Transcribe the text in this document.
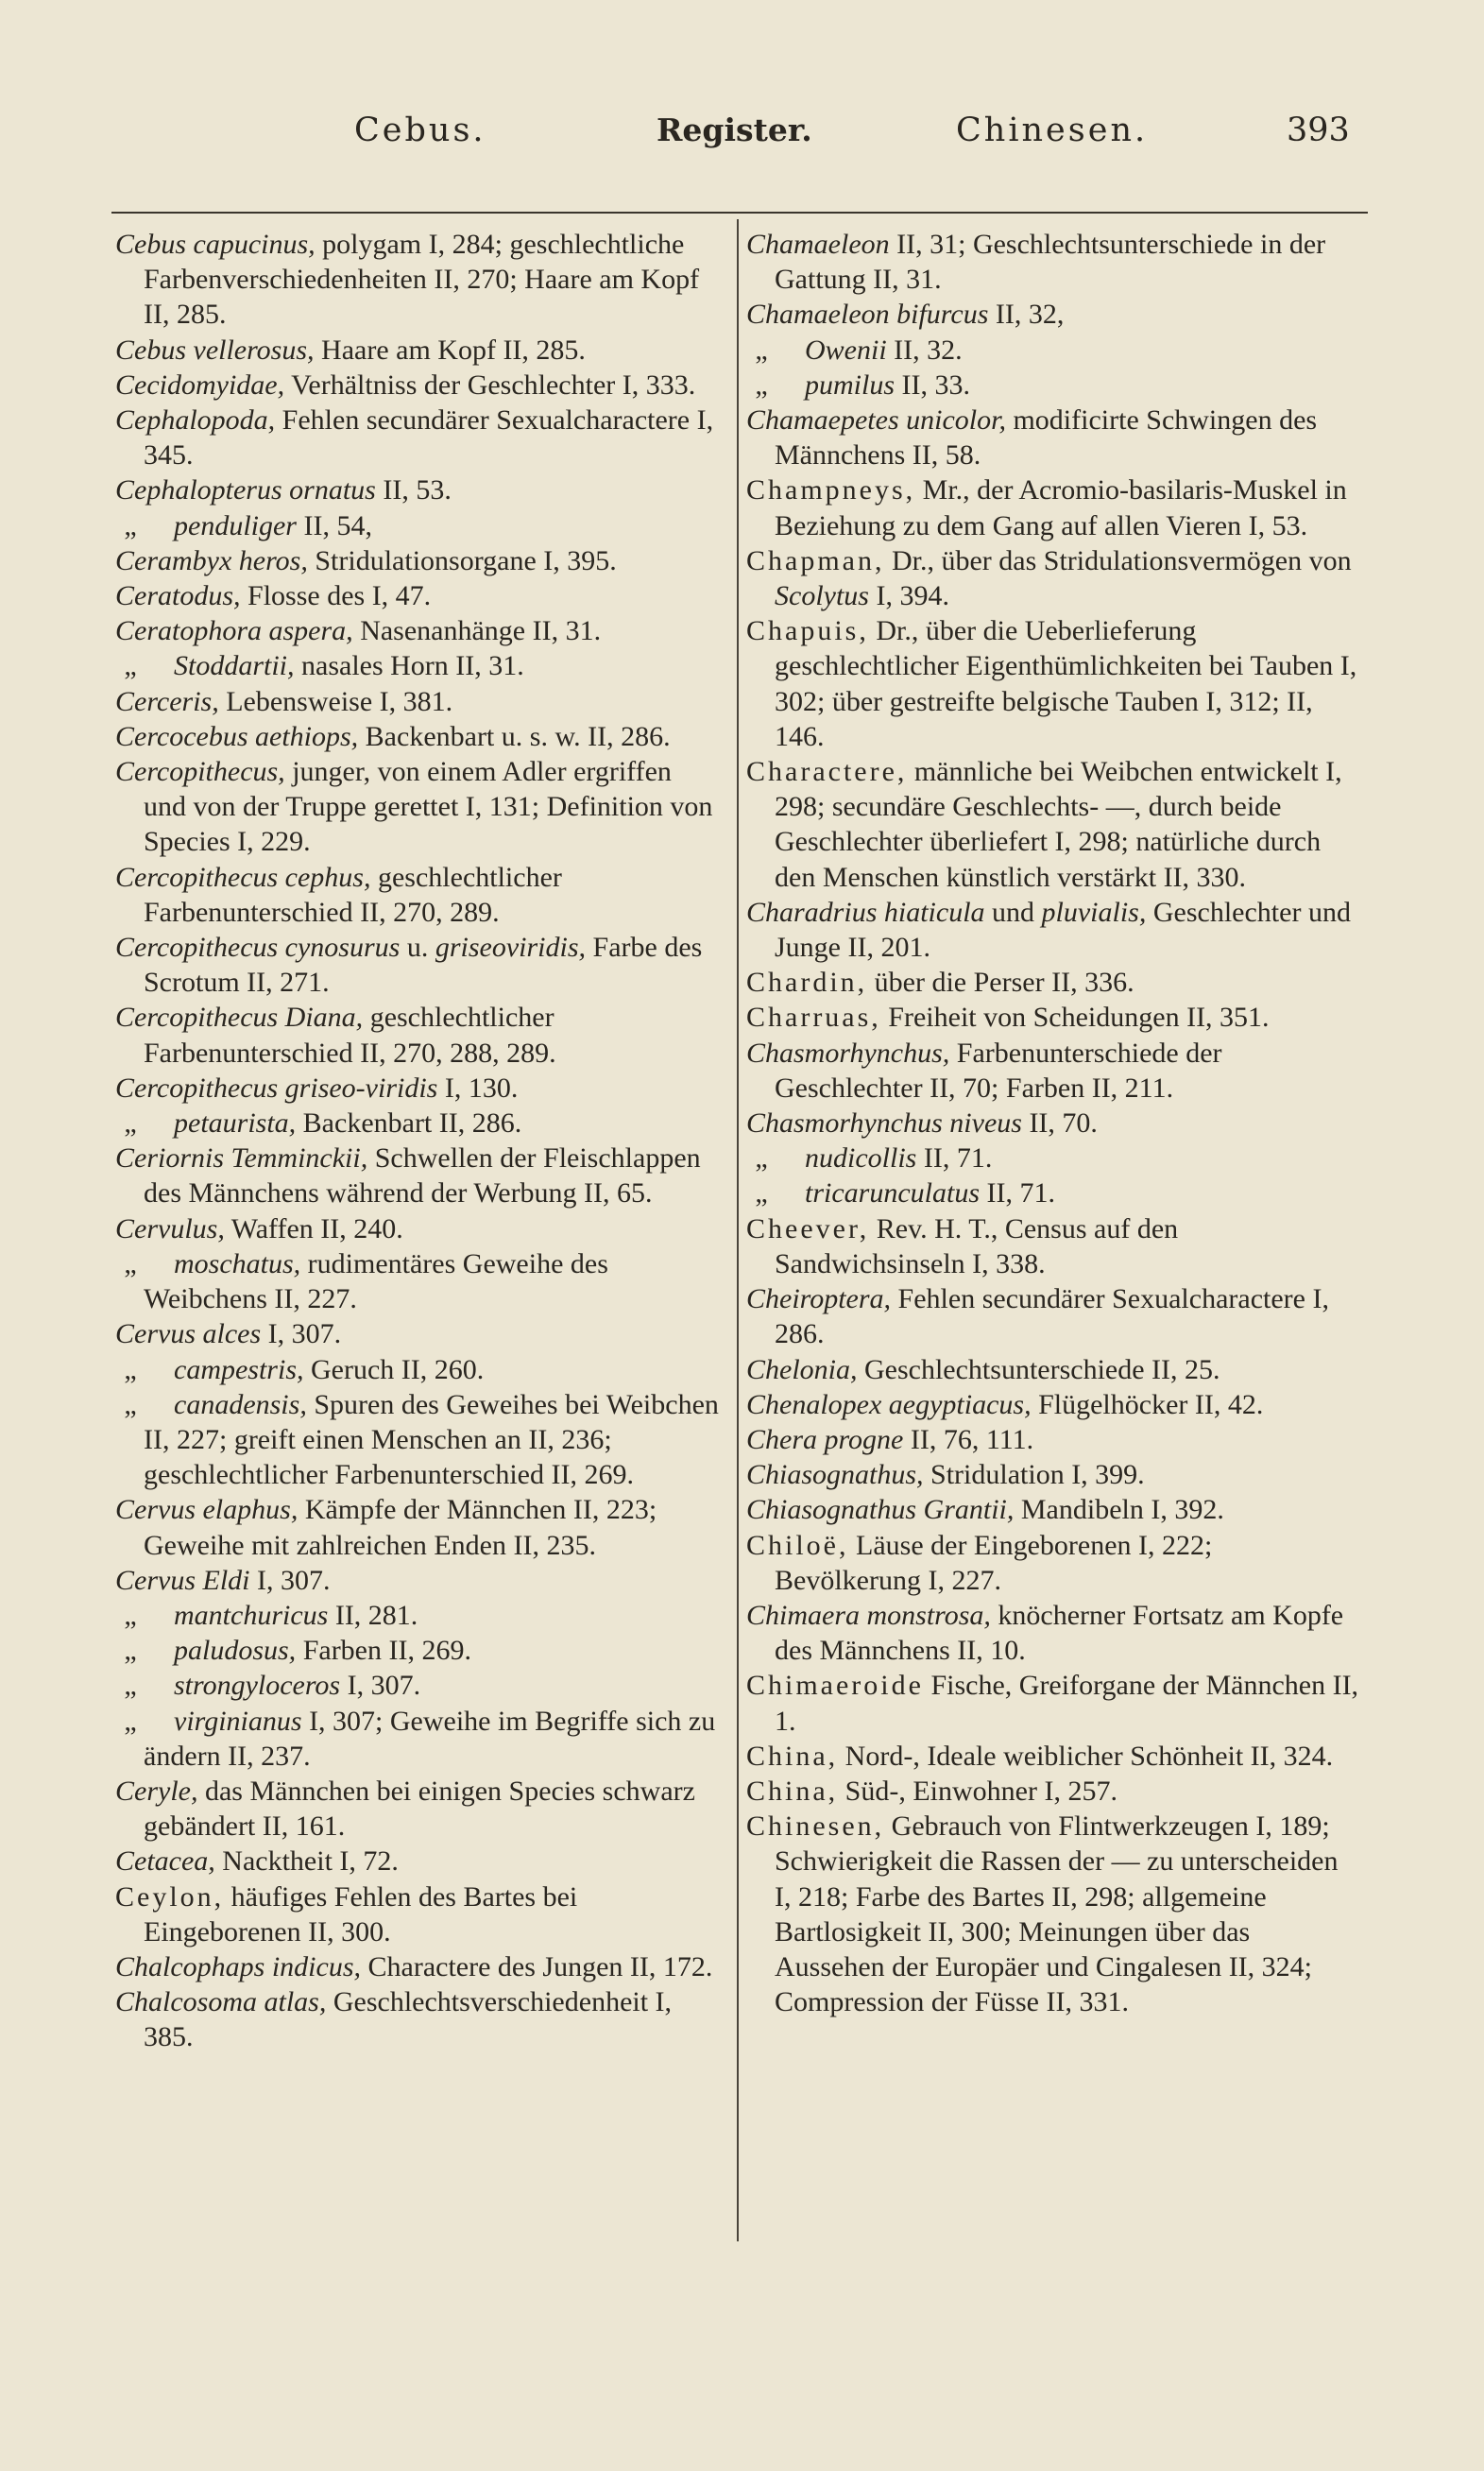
Cebus.	Register.	Chinesen.	393
Cebus capucinus, polygam I, 284; geschlechtliche Farbenverschiedenheiten II, 270; Haare am Kopf II, 285.
Cebus vellerosus, Haare am Kopf II, 285.
Cecidomyidae, Verhältniss der Geschlechter I, 333.
Cephalopoda, Fehlen secundärer Sexualcharactere I, 345.
Cephalopterus ornatus II, 53.
„ penduliger II, 54,
Cerambyx heros, Stridulationsorgane I, 395.
Ceratodus, Flosse des I, 47.
Ceratophora aspera, Nasenanhänge II, 31.
„ Stoddartii, nasales Horn II, 31.
Cerceris, Lebensweise I, 381.
Cercocebus aethiops, Backenbart u. s. w. II, 286.
Cercopithecus, junger, von einem Adler ergriffen und von der Truppe gerettet I, 131; Definition von Species I, 229.
Cercopithecus cephus, geschlechtlicher Farbenunterschied II, 270, 289.
Cercopithecus cynosurus u. griseoviridis, Farbe des Scrotum II, 271.
Cercopithecus Diana, geschlechtlicher Farbenunterschied II, 270, 288, 289.
Cercopithecus griseo-viridis I, 130.
„ petaurista, Backenbart II, 286.
Ceriornis Temminckii, Schwellen der Fleischlappen des Männchens während der Werbung II, 65.
Cervulus, Waffen II, 240.
„ moschatus, rudimentäres Geweihe des Weibchens II, 227.
Cervus alces I, 307.
„ campestris, Geruch II, 260.
„ canadensis, Spuren des Geweihes bei Weibchen II, 227; greift einen Menschen an II, 236; geschlechtlicher Farbenunterschied II, 269.
Cervus elaphus, Kämpfe der Männchen II, 223; Geweihe mit zahlreichen Enden II, 235.
Cervus Eldi I, 307.
„ mantchuricus II, 281.
„ paludosus, Farben II, 269.
„ strongyloceros I, 307.
„ virginianus I, 307; Geweihe im Begriffe sich zu ändern II, 237.
Ceryle, das Männchen bei einigen Species schwarz gebändert II, 161.
Cetacea, Nacktheit I, 72.
Ceylon, häufiges Fehlen des Bartes bei Eingeborenen II, 300.
Chalcophaps indicus, Charactere des Jungen II, 172.
Chalcosoma atlas, Geschlechtsverschiedenheit I, 385.
Chamaeleon II, 31; Geschlechtsunterschiede in der Gattung II, 31.
Chamaeleon bifurcus II, 32,
„ Owenii II, 32.
„ pumilus II, 33.
Chamaepetes unicolor, modificirte Schwingen des Männchens II, 58.
Champneys, Mr., der Acromio-basilaris-Muskel in Beziehung zu dem Gang auf allen Vieren I, 53.
Chapman, Dr., über das Stridulationsvermögen von Scolytus I, 394.
Chapuis, Dr., über die Ueberlieferung geschlechtlicher Eigenthümlichkeiten bei Tauben I, 302; über gestreifte belgische Tauben I, 312; II, 146.
Charactere, männliche bei Weibchen entwickelt I, 298; secundäre Geschlechts- —, durch beide Geschlechter überliefert I, 298; natürliche durch den Menschen künstlich verstärkt II, 330.
Charadrius hiaticula und pluvialis, Geschlechter und Junge II, 201.
Chardin, über die Perser II, 336.
Charruas, Freiheit von Scheidungen II, 351.
Chasmorhynchus, Farbenunterschiede der Geschlechter II, 70; Farben II, 211.
Chasmorhynchus niveus II, 70.
„ nudicollis II, 71.
„ tricarunculatus II, 71.
Cheever, Rev. H. T., Census auf den Sandwichsinseln I, 338.
Cheiroptera, Fehlen secundärer Sexualcharactere I, 286.
Chelonia, Geschlechtsunterschiede II, 25.
Chenalopex aegyptiacus, Flügelhöcker II, 42.
Chera progne II, 76, 111.
Chiasognathus, Stridulation I, 399.
Chiasognathus Grantii, Mandibeln I, 392.
Chiloë, Läuse der Eingeborenen I, 222; Bevölkerung I, 227.
Chimaera monstrosa, knöcherner Fortsatz am Kopfe des Männchens II, 10.
Chimaeroide Fische, Greiforgane der Männchen II, 1.
China, Nord-, Ideale weiblicher Schönheit II, 324.
China, Süd-, Einwohner I, 257.
Chinesen, Gebrauch von Flintwerkzeugen I, 189; Schwierigkeit die Rassen der — zu unterscheiden I, 218; Farbe des Bartes II, 298; allgemeine Bartlosigkeit II, 300; Meinungen über das Aussehen der Europäer und Cingalesen II, 324; Compression der Füsse II, 331.
